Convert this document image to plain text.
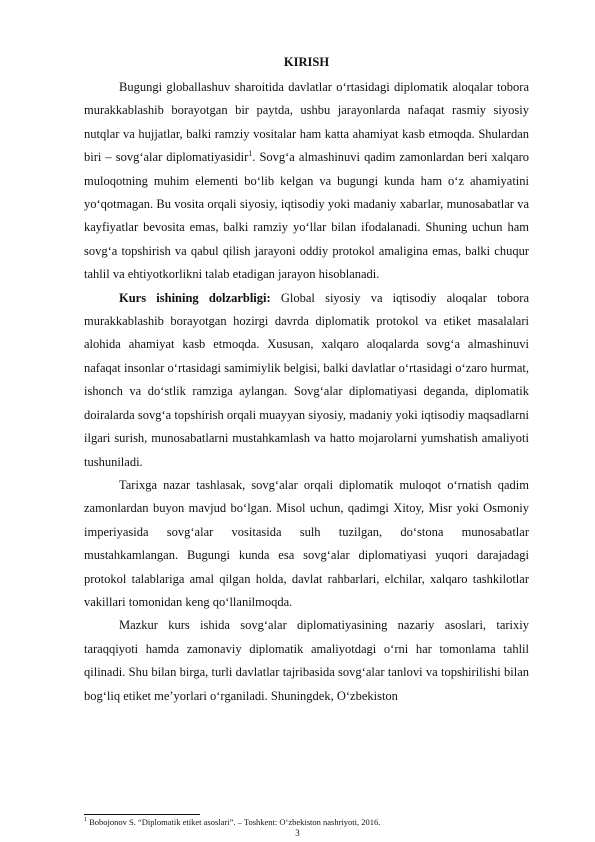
KIRISH

Bugungi globallashuv sharoitida davlatlar o‘rtasidagi diplomatik aloqalar tobora murakkablashib borayotgan bir paytda, ushbu jarayonlarda nafaqat rasmiy siyosiy nutqlar va hujjatlar, balki ramziy vositalar ham katta ahamiyat kasb etmoqda. Shulardan biri – sovg‘alar diplomatiyasidir$^1$. Sovg‘a almashinuvi qadim zamonlardan beri xalqaro muloqotning muhim elementi bo‘lib kelgan va bugungi kunda ham o‘z ahamiyatini yo‘qotmagan. Bu vosita orqali siyosiy, iqtisodiy yoki madaniy xabarlar, munosabatlar va kayfiyatlar bevosita emas, balki ramziy yo‘llar bilan ifodalanadi. Shuning uchun ham sovg‘a topshirish va qabul qilish jarayoni oddiy protokol amaligina emas, balki chuqur tahlil va ehtiyotkorlikni talab etadigan jarayon hisoblanadi.

Kurs ishining dolzarbligi: Global siyosiy va iqtisodiy aloqalar tobora murakkablashib borayotgan hozirgi davrda diplomatik protokol va etiket masalalari alohida ahamiyat kasb etmoqda. Xususan, xalqaro aloqalarda sovg‘a almashinuvi nafaqat insonlar o‘rtasidagi samimiylik belgisi, balki davlatlar o‘rtasidagi o‘zaro hurmat, ishonch va do‘stlik ramziga aylangan. Sovg‘alar diplomatiyasi deganda, diplomatik doiralarda sovg‘a topshirish orqali muayyan siyosiy, madaniy yoki iqtisodiy maqsadlarni ilgari surish, munosabatlarni mustahkamlash va hatto mojarolarni yumshatish amaliyoti tushuniladi.

Tarixga nazar tashlasak, sovg‘alar orqali diplomatik muloqot o‘rnatish qadim zamonlardan buyon mavjud bo‘lgan. Misol uchun, qadimgi Xitoy, Misr yoki Osmoniy imperiyasida sovg‘alar vositasida sulh tuzilgan, do‘stona munosabatlar mustahkamlangan. Bugungi kunda esa sovg‘alar diplomatiyasi yuqori darajadagi protokol talablariga amal qilgan holda, davlat rahbarlari, elchilar, xalqaro tashkilotlar vakillari tomonidan keng qo‘llanilmoqda.

Mazkur kurs ishida sovg‘alar diplomatiyasining nazariy asoslari, tarixiy taraqqiyoti hamda zamonaviy diplomatik amaliyotdagi o‘rni har tomonlama tahlil qilinadi. Shu bilan birga, turli davlatlar tajribasida sovg‘alar tanlovi va topshirilishi bilan bog‘liq etiket me’yorlari o‘rganiladi. Shuningdek, O‘zbekiston

$^1$ Bobojonov S. “Diplomatik etiket asoslari”. – Toshkent: O‘zbekiston nashriyoti, 2016.
3
